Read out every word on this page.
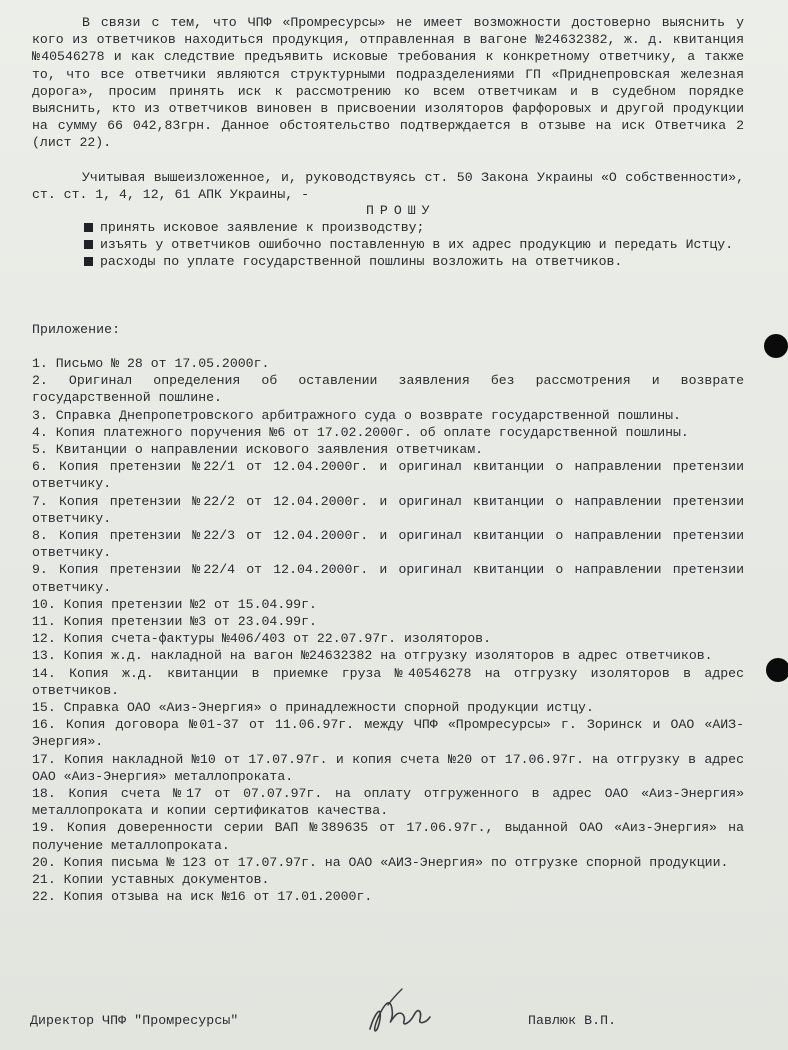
В связи с тем, что ЧПФ «Промресурсы» не имеет возможности достоверно выяснить у кого из ответчиков находиться продукция, отправленная в вагоне №24632382, ж. д. квитанция №40546278 и как следствие предъявить исковые требования к конкретному ответчику, а также то, что все ответчики являются структурными подразделениями ГП «Приднепровская железная дорога», просим принять иск к рассмотрению ко всем ответчикам и в судебном порядке выяснить, кто из ответчиков виновен в присвоении изоляторов фарфоровых и другой продукции на сумму 66 042,83грн. Данное обстоятельство подтверждается в отзыве на иск Ответчика 2 (лист 22).
Учитывая вышеизложенное, и, руководствуясь ст. 50 Закона Украины «О собственности», ст. ст. 1, 4, 12, 61 АПК Украины, -
ПРОШУ
принять исковое заявление к производству;
изъять у ответчиков ошибочно поставленную в их адрес продукцию и передать Истцу.
расходы по уплате государственной пошлины возложить на ответчиков.
Приложение:
1. Письмо № 28 от 17.05.2000г.
2. Оригинал определения об оставлении заявления без рассмотрения и возврате государственной пошлине.
3. Справка Днепропетровского арбитражного суда о возврате государственной пошлины.
4. Копия платежного поручения №6 от 17.02.2000г. об оплате государственной пошлины.
5. Квитанции о направлении искового заявления ответчикам.
6. Копия претензии №22/1 от 12.04.2000г. и оригинал квитанции о направлении претензии ответчику.
7. Копия претензии №22/2 от 12.04.2000г. и оригинал квитанции о направлении претензии ответчику.
8. Копия претензии №22/3 от 12.04.2000г. и оригинал квитанции о направлении претензии ответчику.
9. Копия претензии №22/4 от 12.04.2000г. и оригинал квитанции о направлении претензии ответчику.
10. Копия претензии №2 от 15.04.99г.
11. Копия претензии №3 от 23.04.99г.
12. Копия счета-фактуры №406/403 от 22.07.97г. изоляторов.
13. Копия ж.д. накладной на вагон №24632382 на отгрузку изоляторов в адрес ответчиков.
14. Копия ж.д. квитанции в приемке груза №40546278 на отгрузку изоляторов в адрес ответчиков.
15. Справка ОАО «Аиз-Энергия» о принадлежности спорной продукции истцу.
16. Копия договора №01-37 от 11.06.97г. между ЧПФ «Промресурсы» г. Зоринск и ОАО «АИЗ-Энергия».
17. Копия накладной №10 от 17.07.97г. и копия счета №20 от 17.06.97г. на отгрузку в адрес ОАО «Аиз-Энергия» металлопроката.
18. Копия счета №17 от 07.07.97г. на оплату отгруженного в адрес ОАО «Аиз-Энергия» металлопроката и копии сертификатов качества.
19. Копия доверенности серии ВАП №389635 от 17.06.97г., выданной ОАО «Аиз-Энергия» на получение металлопроката.
20. Копия письма № 123 от 17.07.97г. на ОАО «АИЗ-Энергия» по отгрузке спорной продукции.
21. Копии уставных документов.
22. Копия отзыва на иск №16 от 17.01.2000г.
Директор ЧПФ "Промресурсы"	Павлюк В.П.
